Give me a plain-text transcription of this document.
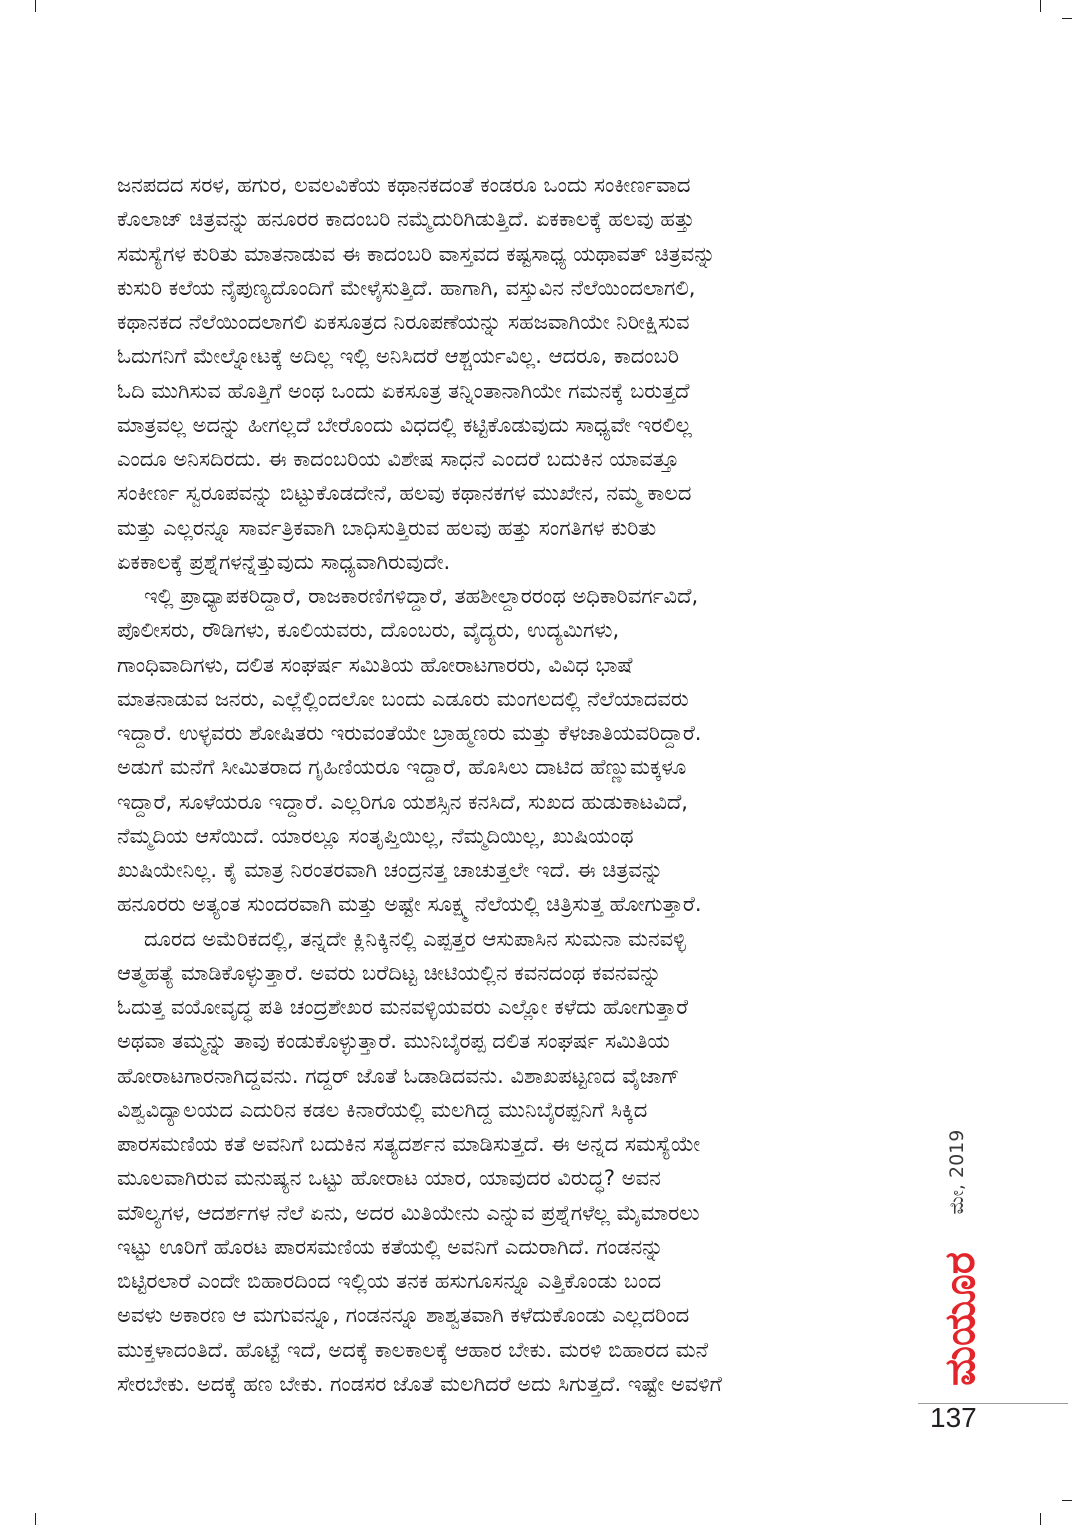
ಜನಪದದ ಸರಳ, ಹಗುರ, ಲವಲವಿಕೆಯ ಕಥಾನಕದಂತೆ ಕಂಡರೂ ಒಂದು ಸಂಕೀರ್ಣವಾದ
ಕೊಲಾಜ್ ಚಿತ್ರವನ್ನು ಹನೂರರ ಕಾದಂಬರಿ ನಮ್ಮೆದುರಿಗಿಡುತ್ತಿದೆ. ಏಕಕಾಲಕ್ಕೆ ಹಲವು ಹತ್ತು
ಸಮಸ್ಯೆಗಳ ಕುರಿತು ಮಾತನಾಡುವ ಈ ಕಾದಂಬರಿ ವಾಸ್ತವದ ಕಷ್ಟಸಾಧ್ಯ ಯಥಾವತ್ ಚಿತ್ರವನ್ನು
ಕುಸುರಿ ಕಲೆಯ ನೈಪುಣ್ಯದೊಂದಿಗೆ ಮೇಳೈಸುತ್ತಿದೆ. ಹಾಗಾಗಿ, ವಸ್ತುವಿನ ನೆಲೆಯಿಂದಲಾಗಲಿ,
ಕಥಾನಕದ ನೆಲೆಯಿಂದಲಾಗಲಿ ಏಕಸೂತ್ರದ ನಿರೂಪಣೆಯನ್ನು ಸಹಜವಾಗಿಯೇ ನಿರೀಕ್ಷಿಸುವ
ಓದುಗನಿಗೆ ಮೇಲ್ನೋಟಕ್ಕೆ ಅದಿಲ್ಲ ಇಲ್ಲಿ ಅನಿಸಿದರೆ ಆಶ್ಚರ್ಯವಿಲ್ಲ. ಆದರೂ, ಕಾದಂಬರಿ
ಓದಿ ಮುಗಿಸುವ ಹೊತ್ತಿಗೆ ಅಂಥ ಒಂದು ಏಕಸೂತ್ರ ತನ್ನಿಂತಾನಾಗಿಯೇ ಗಮನಕ್ಕೆ ಬರುತ್ತದೆ
ಮಾತ್ರವಲ್ಲ ಅದನ್ನು ಹೀಗಲ್ಲದೆ ಬೇರೊಂದು ವಿಧದಲ್ಲಿ ಕಟ್ಟಿಕೊಡುವುದು ಸಾಧ್ಯವೇ ಇರಲಿಲ್ಲ
ಎಂದೂ ಅನಿಸದಿರದು. ಈ ಕಾದಂಬರಿಯ ವಿಶೇಷ ಸಾಧನೆ ಎಂದರೆ ಬದುಕಿನ ಯಾವತ್ತೂ
ಸಂಕೀರ್ಣ ಸ್ವರೂಪವನ್ನು ಬಿಟ್ಟುಕೊಡದೇನೆ, ಹಲವು ಕಥಾನಕಗಳ ಮುಖೇನ, ನಮ್ಮ ಕಾಲದ
ಮತ್ತು ಎಲ್ಲರನ್ನೂ ಸಾರ್ವತ್ರಿಕವಾಗಿ ಬಾಧಿಸುತ್ತಿರುವ ಹಲವು ಹತ್ತು ಸಂಗತಿಗಳ ಕುರಿತು
ಏಕಕಾಲಕ್ಕೆ ಪ್ರಶ್ನೆಗಳನ್ನೆತ್ತುವುದು ಸಾಧ್ಯವಾಗಿರುವುದೇ.
ಇಲ್ಲಿ ಪ್ರಾಧ್ಯಾಪಕರಿದ್ದಾರೆ, ರಾಜಕಾರಣಿಗಳಿದ್ದಾರೆ, ತಹಶೀಲ್ದಾರರಂಥ ಅಧಿಕಾರಿವರ್ಗವಿದೆ,
ಪೊಲೀಸರು, ರೌಡಿಗಳು, ಕೂಲಿಯವರು, ದೊಂಬರು, ವೈದ್ಯರು, ಉದ್ಯಮಿಗಳು,
ಗಾಂಧಿವಾದಿಗಳು, ದಲಿತ ಸಂಘರ್ಷ ಸಮಿತಿಯ ಹೋರಾಟಗಾರರು, ವಿವಿಧ ಭಾಷೆ
ಮಾತನಾಡುವ ಜನರು, ಎಲ್ಲೆಲ್ಲಿಂದಲೋ ಬಂದು ಎಡೂರು ಮಂಗಲದಲ್ಲಿ ನೆಲೆಯಾದವರು
ಇದ್ದಾರೆ. ಉಳ್ಳವರು ಶೋಷಿತರು ಇರುವಂತೆಯೇ ಬ್ರಾಹ್ಮಣರು ಮತ್ತು ಕೆಳಜಾತಿಯವರಿದ್ದಾರೆ.
ಅಡುಗೆ ಮನೆಗೆ ಸೀಮಿತರಾದ ಗೃಹಿಣಿಯರೂ ಇದ್ದಾರೆ, ಹೊಸಿಲು ದಾಟಿದ ಹೆಣ್ಣುಮಕ್ಕಳೂ
ಇದ್ದಾರೆ, ಸೂಳೆಯರೂ ಇದ್ದಾರೆ. ಎಲ್ಲರಿಗೂ ಯಶಸ್ಸಿನ ಕನಸಿದೆ, ಸುಖದ ಹುಡುಕಾಟವಿದೆ,
ನೆಮ್ಮದಿಯ ಆಸೆಯಿದೆ. ಯಾರಲ್ಲೂ ಸಂತೃಪ್ತಿಯಿಲ್ಲ, ನೆಮ್ಮದಿಯಿಲ್ಲ, ಖುಷಿಯಂಥ
ಖುಷಿಯೇನಿಲ್ಲ. ಕೈ ಮಾತ್ರ ನಿರಂತರವಾಗಿ ಚಂದ್ರನತ್ತ ಚಾಚುತ್ತಲೇ ಇದೆ. ಈ ಚಿತ್ರವನ್ನು
ಹನೂರರು ಅತ್ಯಂತ ಸುಂದರವಾಗಿ ಮತ್ತು ಅಷ್ಟೇ ಸೂಕ್ಷ್ಮ ನೆಲೆಯಲ್ಲಿ ಚಿತ್ರಿಸುತ್ತ ಹೋಗುತ್ತಾರೆ.
ದೂರದ ಅಮೆರಿಕದಲ್ಲಿ, ತನ್ನದೇ ಕ್ಲಿನಿಕ್ಕಿನಲ್ಲಿ ಎಪ್ಪತ್ತರ ಆಸುಪಾಸಿನ ಸುಮನಾ ಮನವಳ್ಳಿ
ಆತ್ಮಹತ್ಯೆ ಮಾಡಿಕೊಳ್ಳುತ್ತಾರೆ. ಅವರು ಬರೆದಿಟ್ಟ ಚೀಟಿಯಲ್ಲಿನ ಕವನದಂಥ ಕವನವನ್ನು
ಓದುತ್ತ ವಯೋವೃದ್ಧ ಪತಿ ಚಂದ್ರಶೇಖರ ಮನವಳ್ಳಿಯವರು ಎಲ್ಲೋ ಕಳೆದು ಹೋಗುತ್ತಾರೆ
ಅಥವಾ ತಮ್ಮನ್ನು ತಾವು ಕಂಡುಕೊಳ್ಳುತ್ತಾರೆ. ಮುನಿಬೈರಪ್ಪ ದಲಿತ ಸಂಘರ್ಷ ಸಮಿತಿಯ
ಹೋರಾಟಗಾರನಾಗಿದ್ದವನು. ಗದ್ದರ್ ಜೊತೆ ಓಡಾಡಿದವನು. ವಿಶಾಖಪಟ್ಟಣದ ವೈಜಾಗ್
ವಿಶ್ವವಿದ್ಯಾಲಯದ ಎದುರಿನ ಕಡಲ ಕಿನಾರೆಯಲ್ಲಿ ಮಲಗಿದ್ದ ಮುನಿಬೈರಪ್ಪನಿಗೆ ಸಿಕ್ಕಿದ
ಪಾರಸಮಣಿಯ ಕತೆ ಅವನಿಗೆ ಬದುಕಿನ ಸತ್ಯದರ್ಶನ ಮಾಡಿಸುತ್ತದೆ. ಈ ಅನ್ನದ ಸಮಸ್ಯೆಯೇ
ಮೂಲವಾಗಿರುವ ಮನುಷ್ಯನ ಒಟ್ಟು ಹೋರಾಟ ಯಾರ, ಯಾವುದರ ವಿರುದ್ಧ? ಅವನ
ಮೌಲ್ಯಗಳ, ಆದರ್ಶಗಳ ನೆಲೆ ಏನು, ಅದರ ಮಿತಿಯೇನು ಎನ್ನುವ ಪ್ರಶ್ನೆಗಳೆಲ್ಲ ಮೈಮಾರಲು
ಇಟ್ಟು ಊರಿಗೆ ಹೊರಟ ಪಾರಸಮಣಿಯ ಕತೆಯಲ್ಲಿ ಅವನಿಗೆ ಎದುರಾಗಿದೆ. ಗಂಡನನ್ನು
ಬಿಟ್ಟಿರಲಾರೆ ಎಂದೇ ಬಿಹಾರದಿಂದ ಇಲ್ಲಿಯ ತನಕ ಹಸುಗೂಸನ್ನೂ ಎತ್ತಿಕೊಂಡು ಬಂದ
ಅವಳು ಅಕಾರಣ ಆ ಮಗುವನ್ನೂ, ಗಂಡನನ್ನೂ ಶಾಶ್ವತವಾಗಿ ಕಳೆದುಕೊಂಡು ಎಲ್ಲದರಿಂದ
ಮುಕ್ತಳಾದಂತಿದೆ. ಹೊಟ್ಟೆ ಇದೆ, ಅದಕ್ಕೆ ಕಾಲಕಾಲಕ್ಕೆ ಆಹಾರ ಬೇಕು. ಮರಳಿ ಬಿಹಾರದ ಮನೆ
ಸೇರಬೇಕು. ಅದಕ್ಕೆ ಹಣ ಬೇಕು. ಗಂಡಸರ ಜೊತೆ ಮಲಗಿದರೆ ಅದು ಸಿಗುತ್ತದೆ. ಇಷ್ಟೇ ಅವಳಿಗೆ
ಮೇ, 2019
ಮಯೂರ
137
